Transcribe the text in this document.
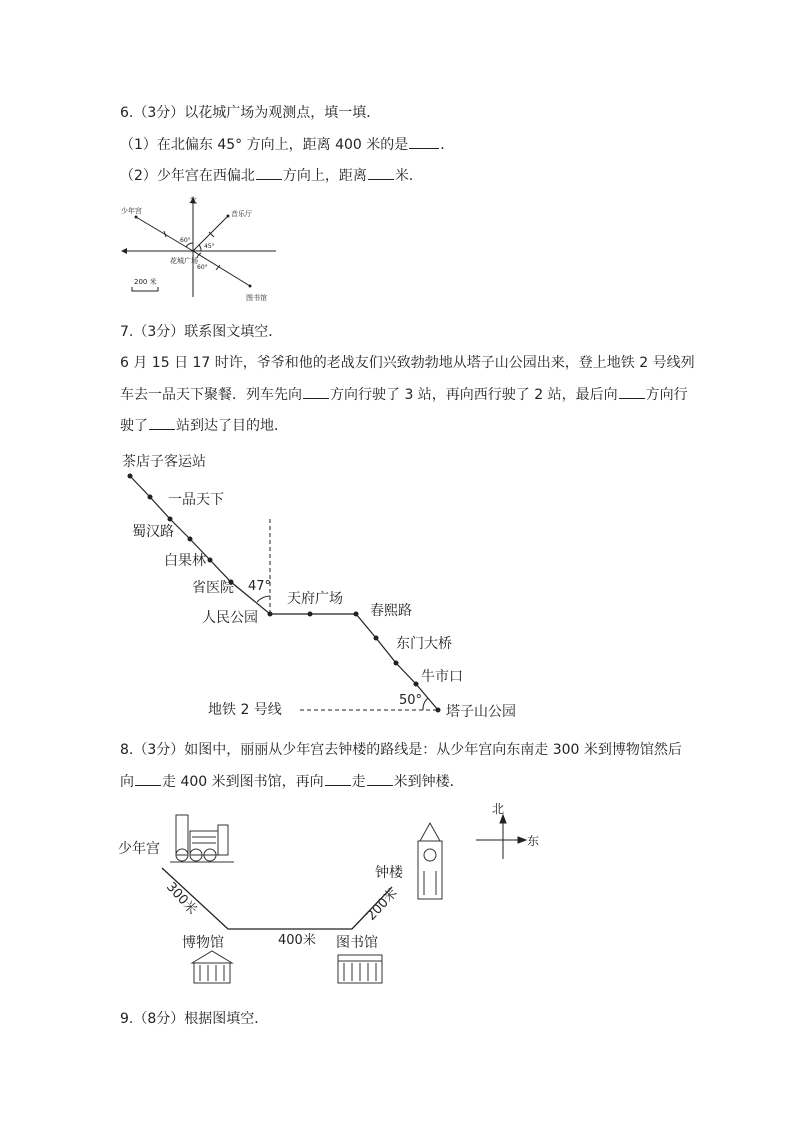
6.（3分）以花城广场为观测点，填一填．
（1）在北偏东 45° 方向上，距离 400 米的是 ．
（2）少年宫在西偏北 方向上，距离 米．
北
少年宫	音乐厅
花城广场
图书馆
60°
45°
60°
200 米
7.（3分）联系图文填空．
6 月 15 日 17 时许，爷爷和他的老战友们兴致勃勃地从塔子山公园出来，登上地铁 2 号线列
车去一品天下聚餐．列车先向 方向行驶了 3 站，再向西行驶了 2 站，最后向 方向行
驶了 站到达了目的地．
茶店子客运站
一品天下
蜀汉路
白果林
省医院
人民公园
天府广场
春熙路
东门大桥
牛市口
塔子山公园
47°
50°
地铁 2 号线
8.（3分）如图中，丽丽从少年宫去钟楼的路线是：从少年宫向东南走 300 米到博物馆然后
向 走 400 米到图书馆，再向 走 米到钟楼．
北
东
少年宫
博物馆	图书馆
钟楼
400米
300米	200米
9.（8分）根据图填空．
